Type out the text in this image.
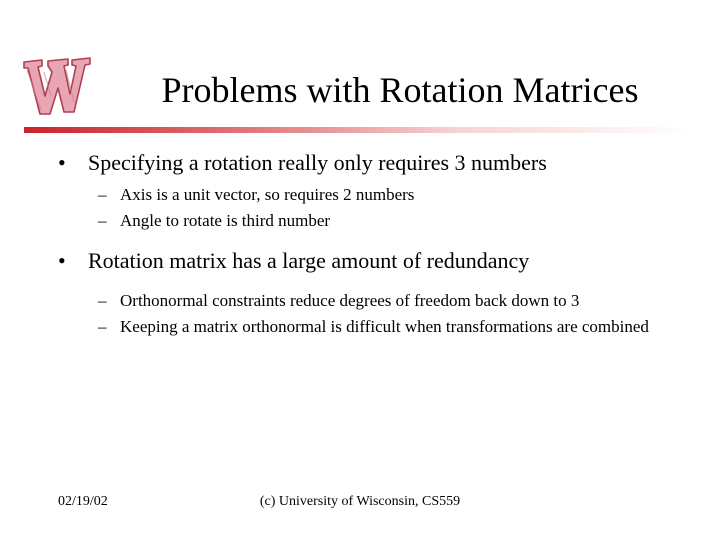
Problems with Rotation Matrices
•	Specifying a rotation really only requires 3 numbers
– Axis is a unit vector, so requires 2 numbers
– Angle to rotate is third number
•	Rotation matrix has a large amount of redundancy
– Orthonormal constraints reduce degrees of freedom back down to 3
– Keeping a matrix orthonormal is difficult when transformations are combined
02/19/02	(c) University of Wisconsin, CS559
